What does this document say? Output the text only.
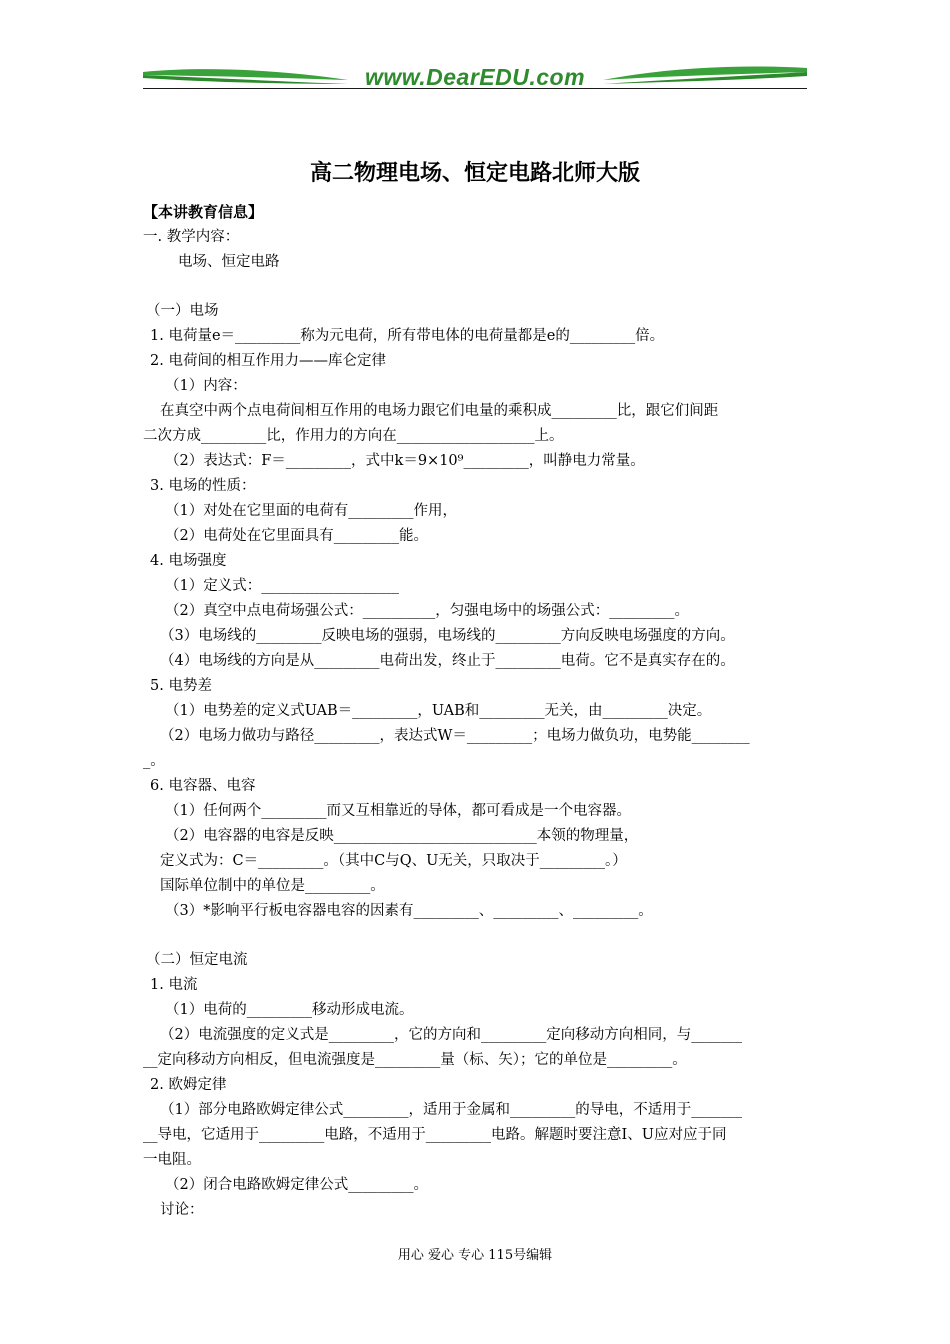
www.DearEDU.com
高二物理电场、恒定电路北师大版
【本讲教育信息】
一. 教学内容：
电场、恒定电路
（一）电场
1. 电荷量e＝_________称为元电荷，所有带电体的电荷量都是e的_________倍。
2. 电荷间的相互作用力——库仑定律
（1）内容：
在真空中两个点电荷间相互作用的电场力跟它们电量的乘积成_________比，跟它们间距
二次方成_________比，作用力的方向在___________________上。
（2）表达式：F＝_________，式中k＝9×10⁹_________，叫静电力常量。
3. 电场的性质：
（1）对处在它里面的电荷有_________作用，
（2）电荷处在它里面具有_________能。
4. 电场强度
（1）定义式：___________________
（2）真空中点电荷场强公式：__________，匀强电场中的场强公式：_________。
（3）电场线的_________反映电场的强弱，电场线的_________方向反映电场强度的方向。
（4）电场线的方向是从_________电荷出发，终止于_________电荷。它不是真实存在的。
5. 电势差
（1）电势差的定义式UAB＝_________，UAB和_________无关，由_________决定。
（2）电场力做功与路径_________，表达式W＝_________；电场力做负功，电势能________
_。
6. 电容器、电容
（1）任何两个_________而又互相靠近的导体，都可看成是一个电容器。
（2）电容器的电容是反映____________________________本领的物理量，
定义式为：C＝_________。（其中C与Q、U无关，只取决于_________。）
国际单位制中的单位是_________。
（3）*影响平行板电容器电容的因素有_________、_________、_________。
（二）恒定电流
1. 电流
（1）电荷的_________移动形成电流。
（2）电流强度的定义式是_________，它的方向和_________定向移动方向相同，与_______
__定向移动方向相反，但电流强度是_________量（标、矢）；它的单位是_________。
2. 欧姆定律
（1）部分电路欧姆定律公式_________，适用于金属和_________的导电，不适用于_______
__导电，它适用于_________电路，不适用于_________电路。解题时要注意I、U应对应于同
一电阻。
（2）闭合电路欧姆定律公式_________。
讨论：
用心 爱心 专心 115号编辑
